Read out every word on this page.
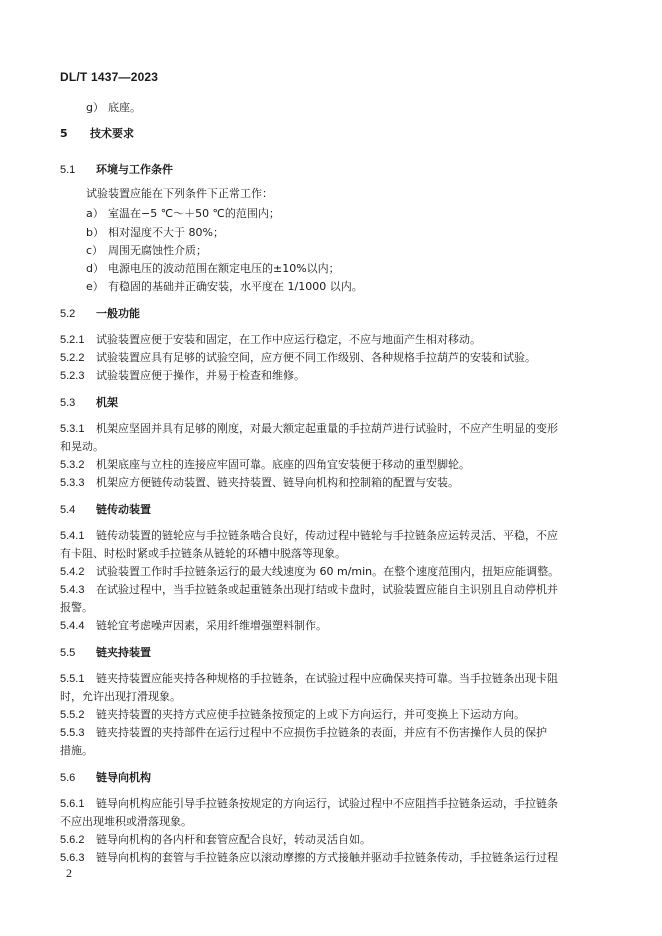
DL/T 1437—2023
g） 底座。
5 技术要求
5.1 环境与工作条件
试验装置应能在下列条件下正常工作：
a） 室温在−5 ℃～＋50 ℃的范围内；
b） 相对湿度不大于 80%；
c） 周围无腐蚀性介质；
d） 电源电压的波动范围在额定电压的±10%以内；
e） 有稳固的基础并正确安装，水平度在 1/1000 以内。
5.2 一般功能
5.2.1 试验装置应便于安装和固定，在工作中应运行稳定，不应与地面产生相对移动。
5.2.2 试验装置应具有足够的试验空间，应方便不同工作级别、各种规格手拉葫芦的安装和试验。
5.2.3 试验装置应便于操作，并易于检查和维修。
5.3 机架
5.3.1 机架应坚固并具有足够的刚度，对最大额定起重量的手拉葫芦进行试验时，不应产生明显的变形
和晃动。
5.3.2 机架底座与立柱的连接应牢固可靠。底座的四角宜安装便于移动的重型脚轮。
5.3.3 机架应方便链传动装置、链夹持装置、链导向机构和控制箱的配置与安装。
5.4 链传动装置
5.4.1 链传动装置的链轮应与手拉链条啮合良好，传动过程中链轮与手拉链条应运转灵活、平稳，不应
有卡阻、时松时紧或手拉链条从链轮的环槽中脱落等现象。
5.4.2 试验装置工作时手拉链条运行的最大线速度为 60 m/min。在整个速度范围内，扭矩应能调整。
5.4.3 在试验过程中，当手拉链条或起重链条出现打结或卡盘时，试验装置应能自主识别且自动停机并
报警。
5.4.4 链轮宜考虑噪声因素，采用纤维增强塑料制作。
5.5 链夹持装置
5.5.1 链夹持装置应能夹持各种规格的手拉链条，在试验过程中应确保夹持可靠。当手拉链条出现卡阻
时，允许出现打滑现象。
5.5.2 链夹持装置的夹持方式应使手拉链条按预定的上或下方向运行，并可变换上下运动方向。
5.5.3 链夹持装置的夹持部件在运行过程中不应损伤手拉链条的表面，并应有不伤害操作人员的保护
措施。
5.6 链导向机构
5.6.1 链导向机构应能引导手拉链条按规定的方向运行，试验过程中不应阻挡手拉链条运动，手拉链条
不应出现堆积或滑落现象。
5.6.2 链导向机构的各内杆和套管应配合良好，转动灵活自如。
5.6.3 链导向机构的套管与手拉链条应以滚动摩擦的方式接触并驱动手拉链条传动，手拉链条运行过程
2
